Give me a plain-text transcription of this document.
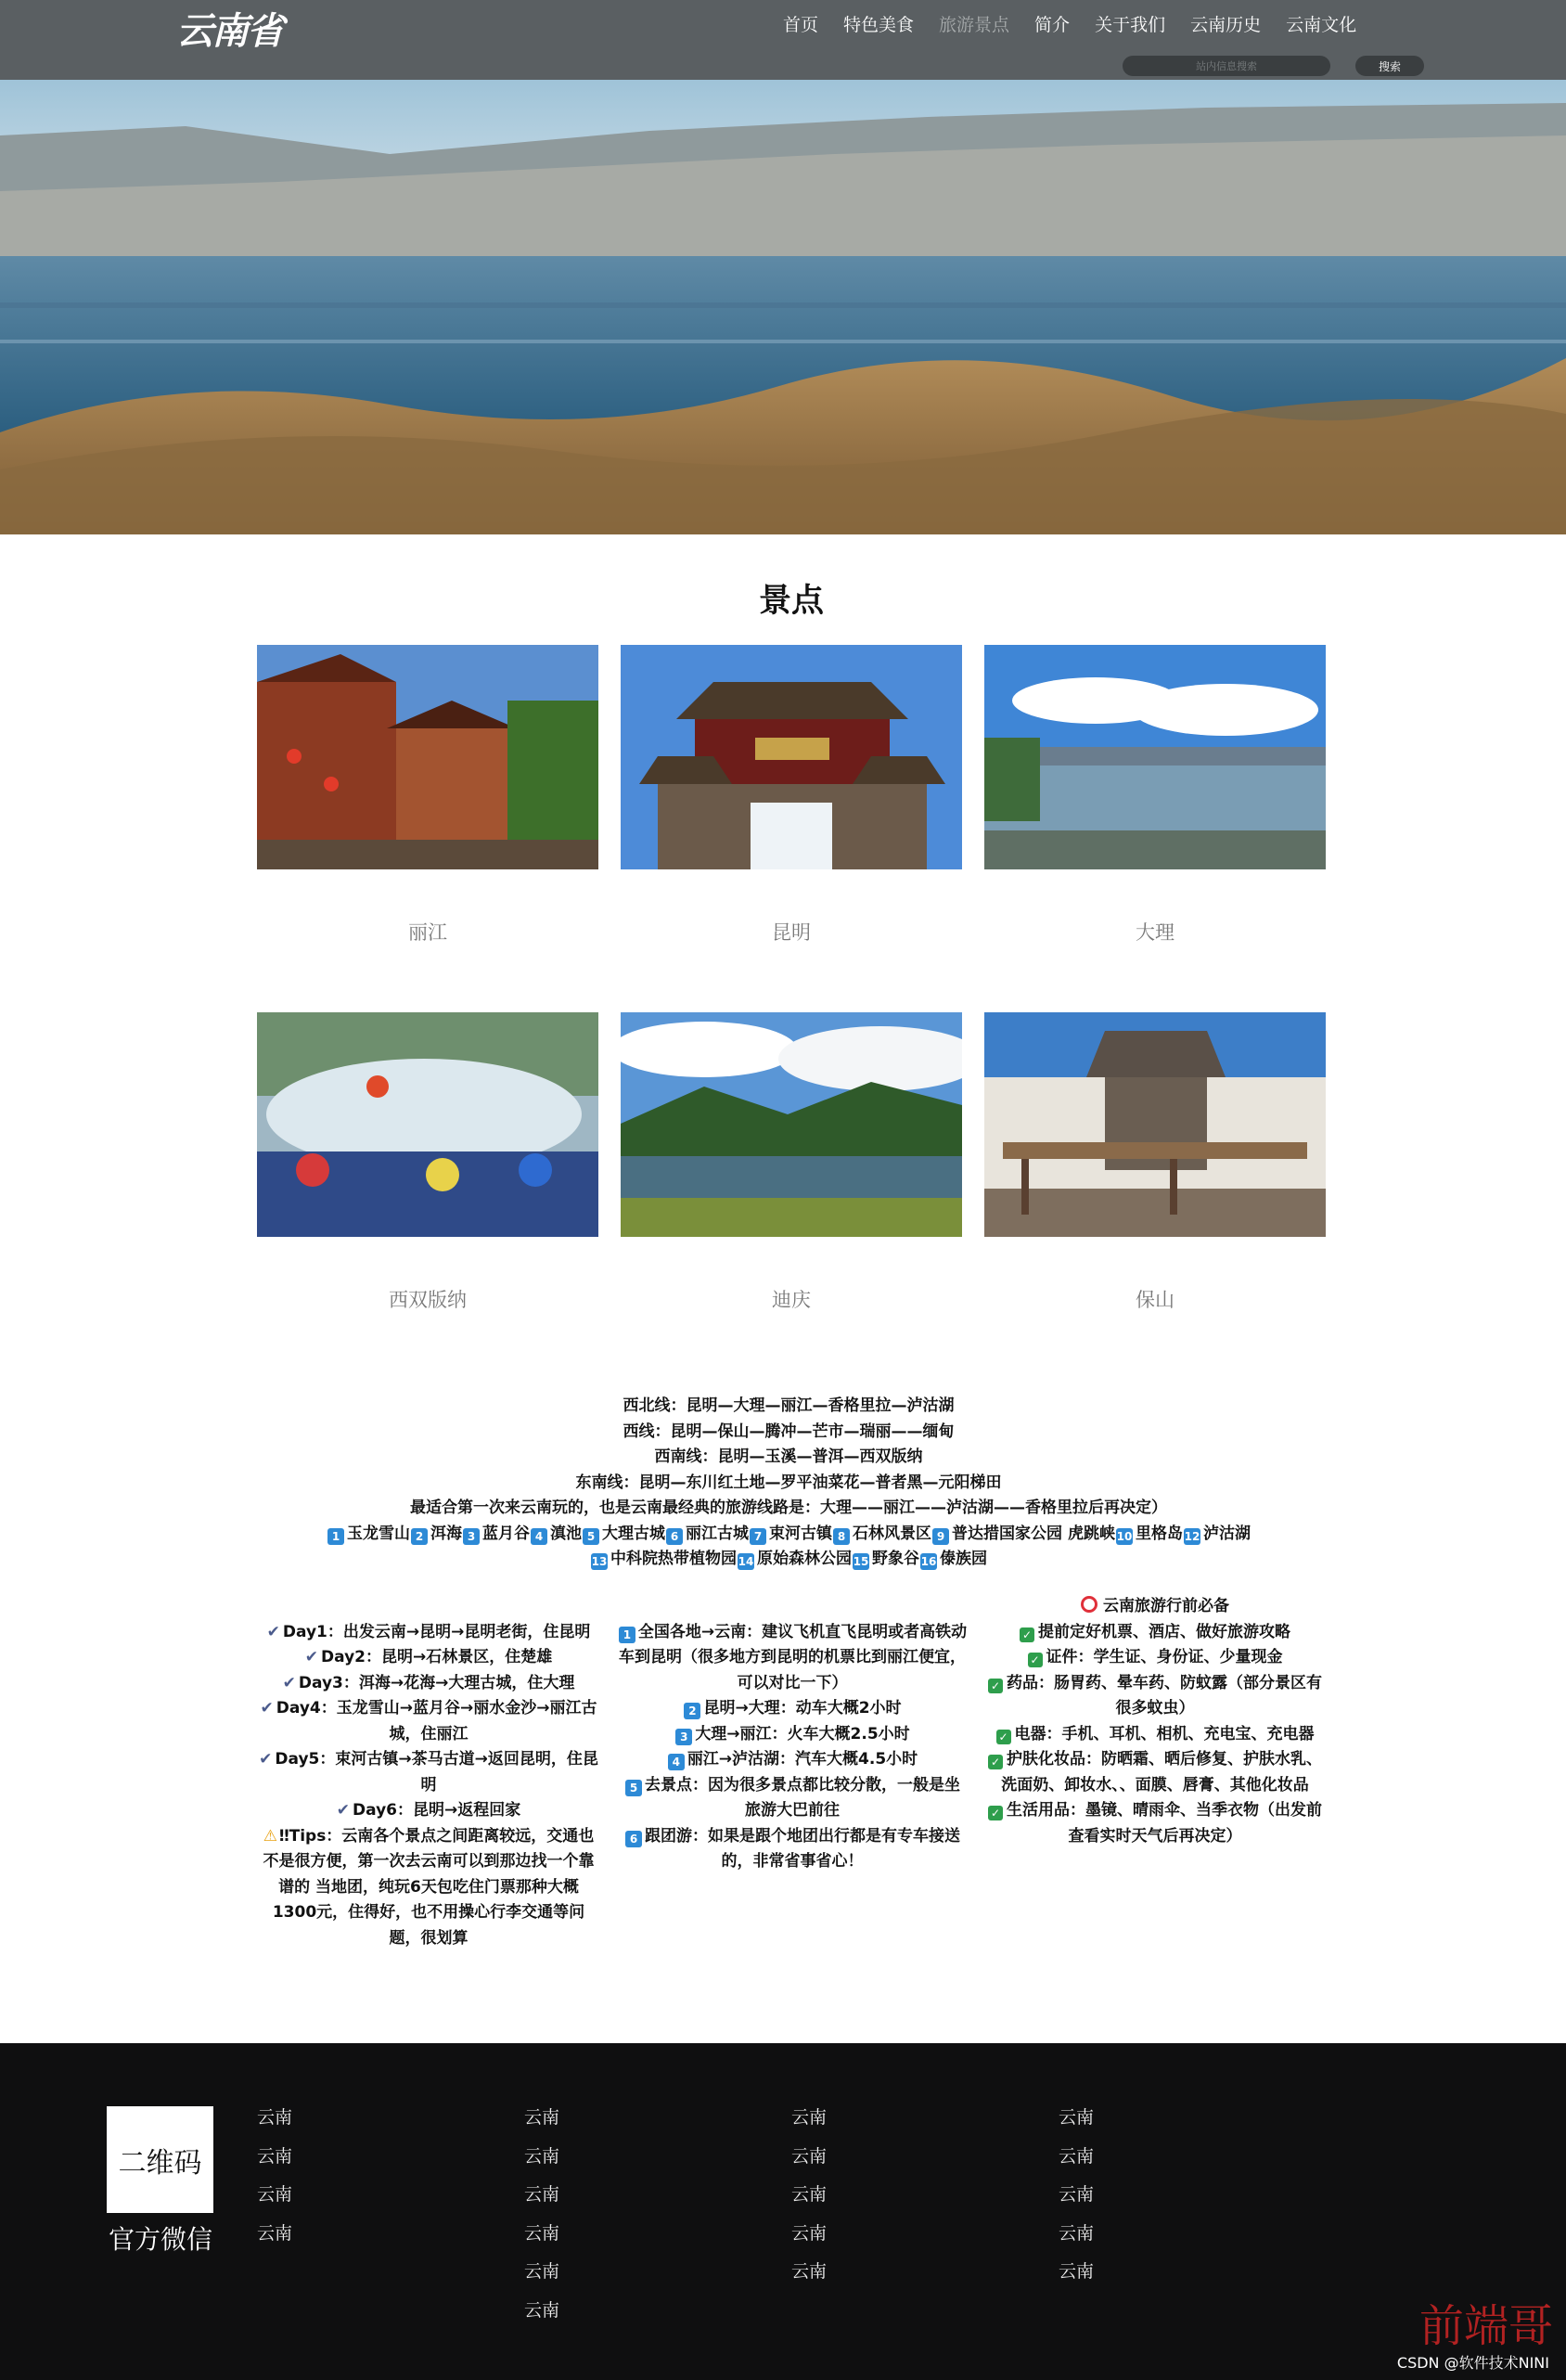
云南省	首页 特色美食 旅游景点 简介 关于我们 云南历史 云南文化
站内信息搜索
搜索
景点
丽江	昆明	大理
西双版纳	迪庆	保山
西北线：昆明—大理—丽江—香格里拉—泸沽湖
西线：昆明—保山—腾冲—芒市—瑞丽——缅甸
西南线：昆明—玉溪—普洱—西双版纳
东南线：昆明—东川红土地—罗平油菜花—普者黑—元阳梯田
最适合第一次来云南玩的，也是云南最经典的旅游线路是：大理——丽江——泸沽湖——香格里拉后再决定）
1 玉龙雪山 2 洱海 3 蓝月谷 4 滇池 5 大理古城 6 丽江古城 7 束河古镇 8 石林风景区 9 普达措国家公园 虎跳峡 10 里格岛 12 泸沽湖
13 中科院热带植物园 14 原始森林公园 15 野象谷 16 傣族园
✔ Day1：出发云南→昆明→昆明老街，住昆明
✔ Day2：昆明→石林景区，住楚雄
✔ Day3：洱海→花海→大理古城，住大理
✔ Day4：玉龙雪山→蓝月谷→丽水金沙→丽江古城，住丽江
✔ Day5：束河古镇→茶马古道→返回昆明，住昆明
✔ Day6：昆明→返程回家
⚠ ‼Tips：云南各个景点之间距离较远，交通也不是很方便，第一次去云南可以到那边找一个靠谱的 当地团，纯玩6天包吃住门票那种大概 1300元，住得好，也不用操心行李交通等问题，很划算
1 全国各地→云南：建议飞机直飞昆明或者高铁动车到昆明（很多地方到昆明的机票比到丽江便宜，可以对比一下）
2 昆明→大理：动车大概2小时
3 大理→丽江：火车大概2.5小时
4 丽江→泸沽湖：汽车大概4.5小时
5 去景点：因为很多景点都比较分散，一般是坐旅游大巴前往
6 跟团游：如果是跟个地团出行都是有专车接送的，非常省事省心！
云南旅游行前必备
✓ 提前定好机票、酒店、做好旅游攻略
✓ 证件：学生证、身份证、少量现金
✓ 药品：肠胃药、晕车药、防蚊露（部分景区有很多蚊虫）
✓ 电器：手机、耳机、相机、充电宝、充电器
✓ 护肤化妆品：防晒霜、晒后修复、护肤水乳、洗面奶、卸妆水、、面膜、唇膏、其他化妆品
✓ 生活用品：墨镜、晴雨伞、当季衣物（出发前查看实时天气后再决定）
二维码
官方微信
云南
云南
云南
云南
云南
云南
云南
云南
云南
云南
云南
云南
云南
云南
云南
云南
云南
云南
云南
云南
前端哥
CSDN @软件技术NINI
